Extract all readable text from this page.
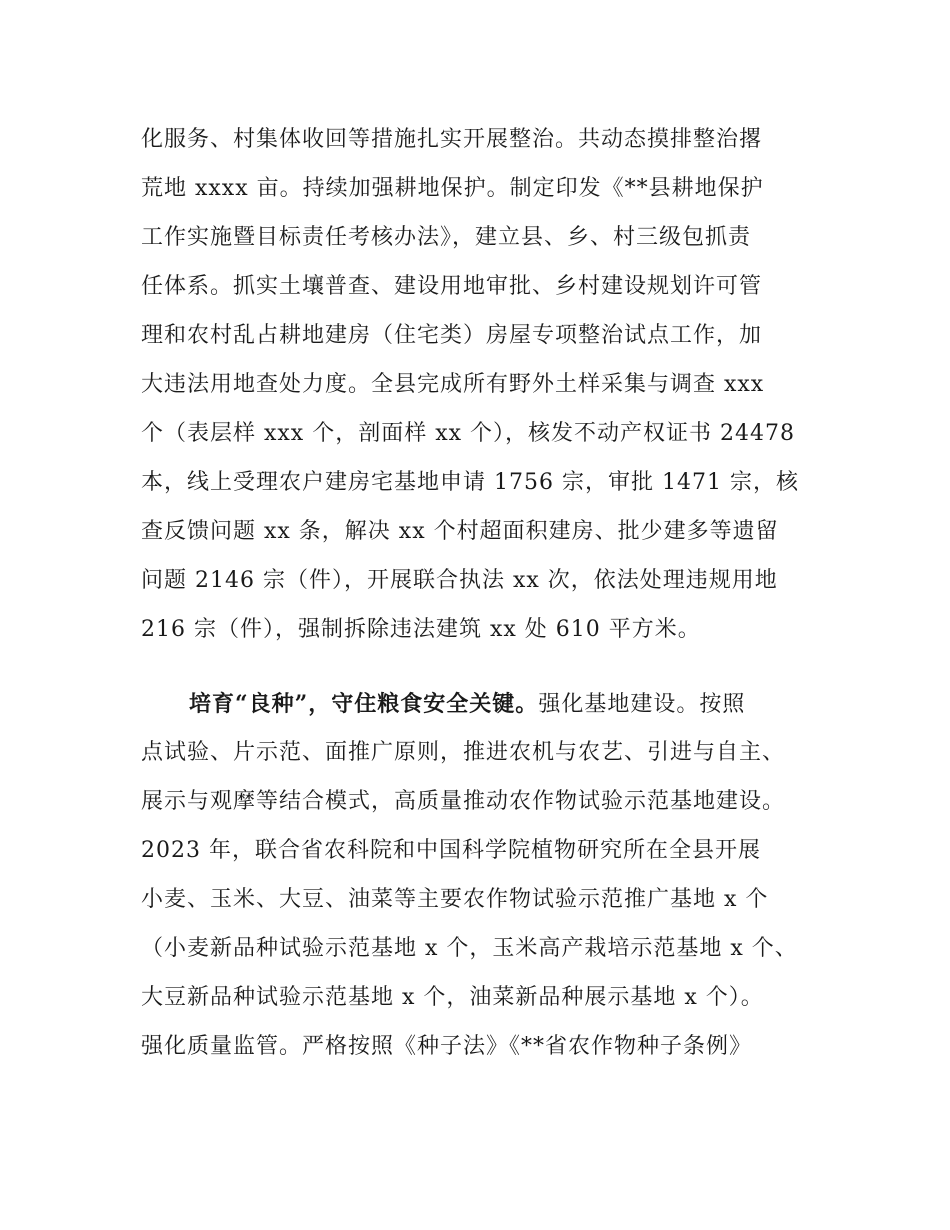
化服务、村集体收回等措施扎实开展整治。共动态摸排整治撂
荒地 xxxx 亩。持续加强耕地保护。制定印发《**县耕地保护
工作实施暨目标责任考核办法》，建立县、乡、村三级包抓责
任体系。抓实土壤普查、建设用地审批、乡村建设规划许可管
理和农村乱占耕地建房（住宅类）房屋专项整治试点工作，加
大违法用地查处力度。全县完成所有野外土样采集与调查 xxx
个（表层样 xxx 个，剖面样 xx 个），核发不动产权证书 24478
本，线上受理农户建房宅基地申请 1756 宗，审批 1471 宗，核
查反馈问题 xx 条，解决 xx 个村超面积建房、批少建多等遗留
问题 2146 宗（件），开展联合执法 xx 次，依法处理违规用地
216 宗（件），强制拆除违法建筑 xx 处 610 平方米。
培育“良种”，守住粮食安全关键。强化基地建设。按照
点试验、片示范、面推广原则，推进农机与农艺、引进与自主、
展示与观摩等结合模式，高质量推动农作物试验示范基地建设。
2023 年，联合省农科院和中国科学院植物研究所在全县开展
小麦、玉米、大豆、油菜等主要农作物试验示范推广基地 x 个
（小麦新品种试验示范基地 x 个，玉米高产栽培示范基地 x 个、
大豆新品种试验示范基地 x 个，油菜新品种展示基地 x 个）。
强化质量监管。严格按照《种子法》《**省农作物种子条例》
